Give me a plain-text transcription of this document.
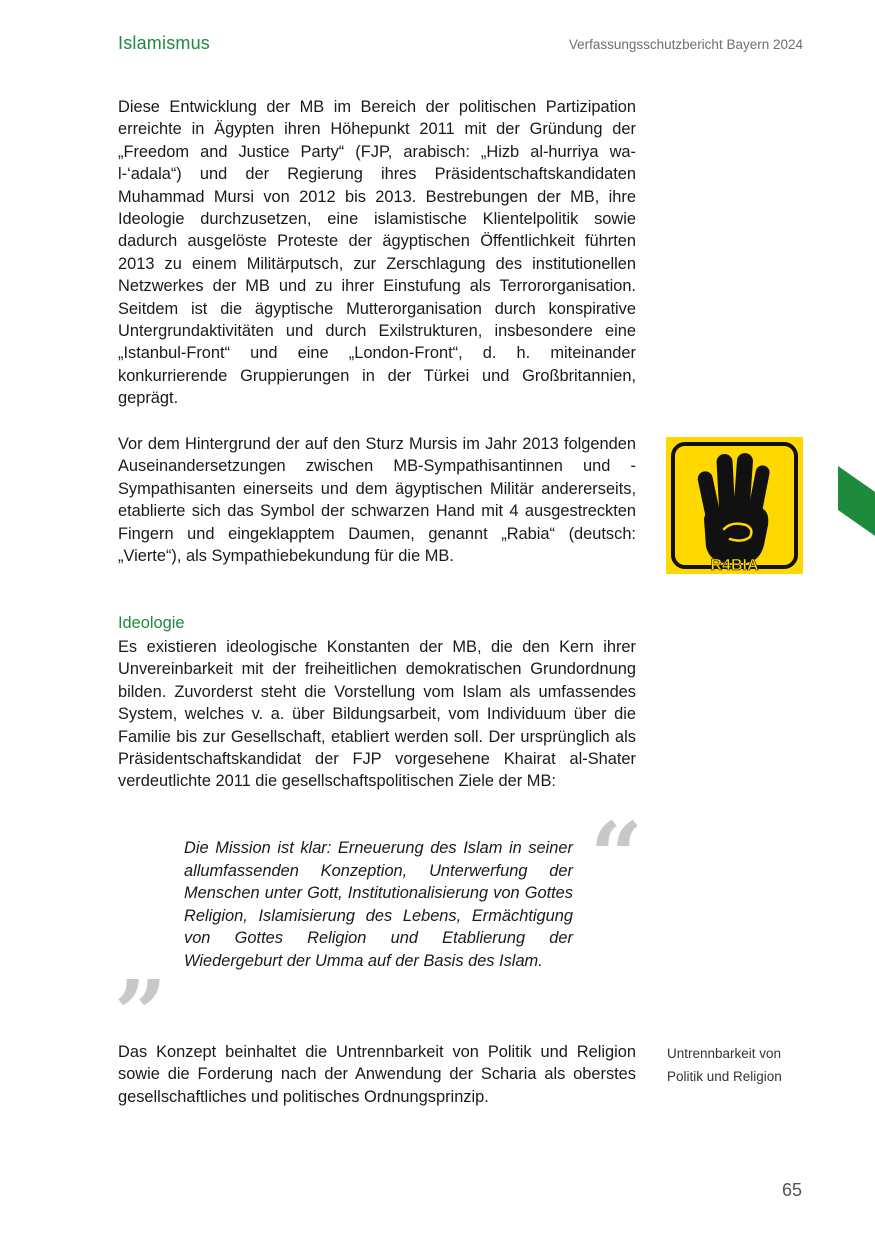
Islamismus	Verfassungsschutzbericht Bayern 2024

Diese Entwicklung der MB im Bereich der politischen Partizipation erreichte in Ägypten ihren Höhepunkt 2011 mit der Gründung der „Freedom and Justice Party“ (FJP, arabisch: „Hizb al-hurriya wa-l-‘adala“) und der Regierung ihres Präsidentschaftskandidaten Muhammad Mursi von 2012 bis 2013. Bestrebungen der MB, ihre Ideologie durchzusetzen, eine islamistische Klientelpolitik sowie dadurch ausgelöste Proteste der ägyptischen Öffentlichkeit führten 2013 zu einem Militärputsch, zur Zerschlagung des institutionellen Netzwerkes der MB und zu ihrer Einstufung als Terrororganisation. Seitdem ist die ägyptische Mutterorganisation durch konspirative Untergrundaktivitäten und durch Exilstrukturen, insbesondere eine „Istanbul-Front“ und eine „London-Front“, d. h. miteinander konkurrierende Gruppierungen in der Türkei und Großbritannien, geprägt.

Vor dem Hintergrund der auf den Sturz Mursis im Jahr 2013 folgenden Auseinandersetzungen zwischen MB-Sympathisantinnen und -Sympathisanten einerseits und dem ägyptischen Militär andererseits, etablierte sich das Symbol der schwarzen Hand mit 4 ausgestreckten Fingern und eingeklapptem Daumen, genannt „Rabia“ (deutsch: „Vierte“), als Sympathiebekundung für die MB.

R4BIA

Ideologie

Es existieren ideologische Konstanten der MB, die den Kern ihrer Unvereinbarkeit mit der freiheitlichen demokratischen Grundordnung bilden. Zuvorderst steht die Vorstellung vom Islam als umfassendes System, welches v. a. über Bildungsarbeit, vom Individuum über die Familie bis zur Gesellschaft, etabliert werden soll. Der ursprünglich als Präsidentschaftskandidat der FJP vorgesehene Khairat al-Shater verdeutlichte 2011 die gesellschaftspolitischen Ziele der MB:

“

Die Mission ist klar: Erneuerung des Islam in seiner allumfassenden Konzeption, Unterwerfung der Menschen unter Gott, Institutionalisierung von Gottes Religion, Islamisierung des Lebens, Ermächtigung von Gottes Religion und Etablierung der Wiedergeburt der Umma auf der Basis des Islam.

”

Das Konzept beinhaltet die Untrennbarkeit von Politik und Religion sowie die Forderung nach der Anwendung der Scharia als oberstes gesellschaftliches und politisches Ordnungsprinzip.

Untrennbarkeit von Politik und Religion
65
